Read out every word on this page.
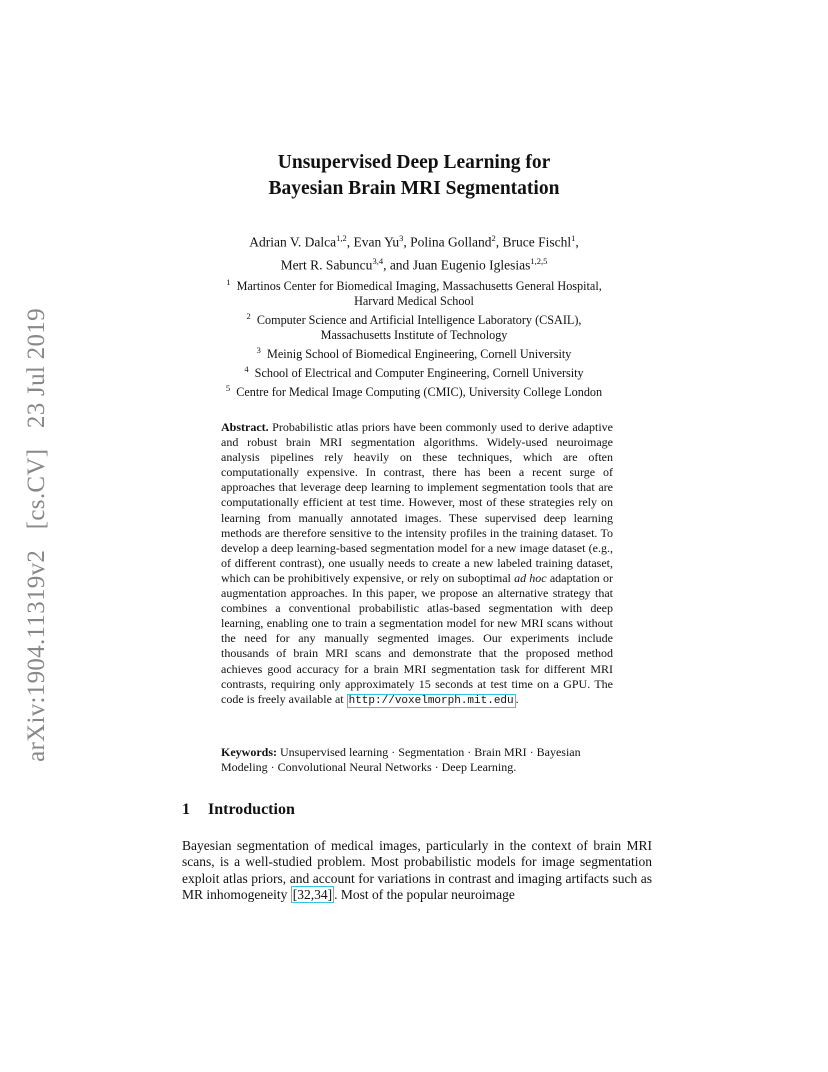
arXiv:1904.11319v2 [cs.CV] 23 Jul 2019
Unsupervised Deep Learning for
Bayesian Brain MRI Segmentation
Adrian V. Dalca$^{1,2}$, Evan Yu$^3$, Polina Golland$^2$, Bruce Fischl$^1$,
Mert R. Sabuncu$^{3,4}$, and Juan Eugenio Iglesias$^{1,2,5}$
$^1$ Martinos Center for Biomedical Imaging, Massachusetts General Hospital,
Harvard Medical School
$^2$ Computer Science and Artificial Intelligence Laboratory (CSAIL),
Massachusetts Institute of Technology
$^3$ Meinig School of Biomedical Engineering, Cornell University
$^4$ School of Electrical and Computer Engineering, Cornell University
$^5$ Centre for Medical Image Computing (CMIC), University College London
Abstract. Probabilistic atlas priors have been commonly used to derive adaptive and robust brain MRI segmentation algorithms. Widely-used neuroimage analysis pipelines rely heavily on these techniques, which are often computationally expensive. In contrast, there has been a recent surge of approaches that leverage deep learning to implement segmentation tools that are computationally efficient at test time. However, most of these strategies rely on learning from manually annotated images. These supervised deep learning methods are therefore sensitive to the intensity profiles in the training dataset. To develop a deep learning-based segmentation model for a new image dataset (e.g., of different contrast), one usually needs to create a new labeled training dataset, which can be prohibitively expensive, or rely on suboptimal ad hoc adaptation or augmentation approaches. In this paper, we propose an alternative strategy that combines a conventional probabilistic atlas-based segmentation with deep learning, enabling one to train a segmentation model for new MRI scans without the need for any manually segmented images. Our experiments include thousands of brain MRI scans and demonstrate that the proposed method achieves good accuracy for a brain MRI segmentation task for different MRI contrasts, requiring only approximately 15 seconds at test time on a GPU. The code is freely available at http://voxelmorph.mit.edu .
Keywords: Unsupervised learning · Segmentation · Brain MRI · Bayesian Modeling · Convolutional Neural Networks · Deep Learning.
1 Introduction
Bayesian segmentation of medical images, particularly in the context of brain MRI scans, is a well-studied problem. Most probabilistic models for image segmentation exploit atlas priors, and account for variations in contrast and imaging artifacts such as MR inhomogeneity [32,34] . Most of the popular neuroimage
